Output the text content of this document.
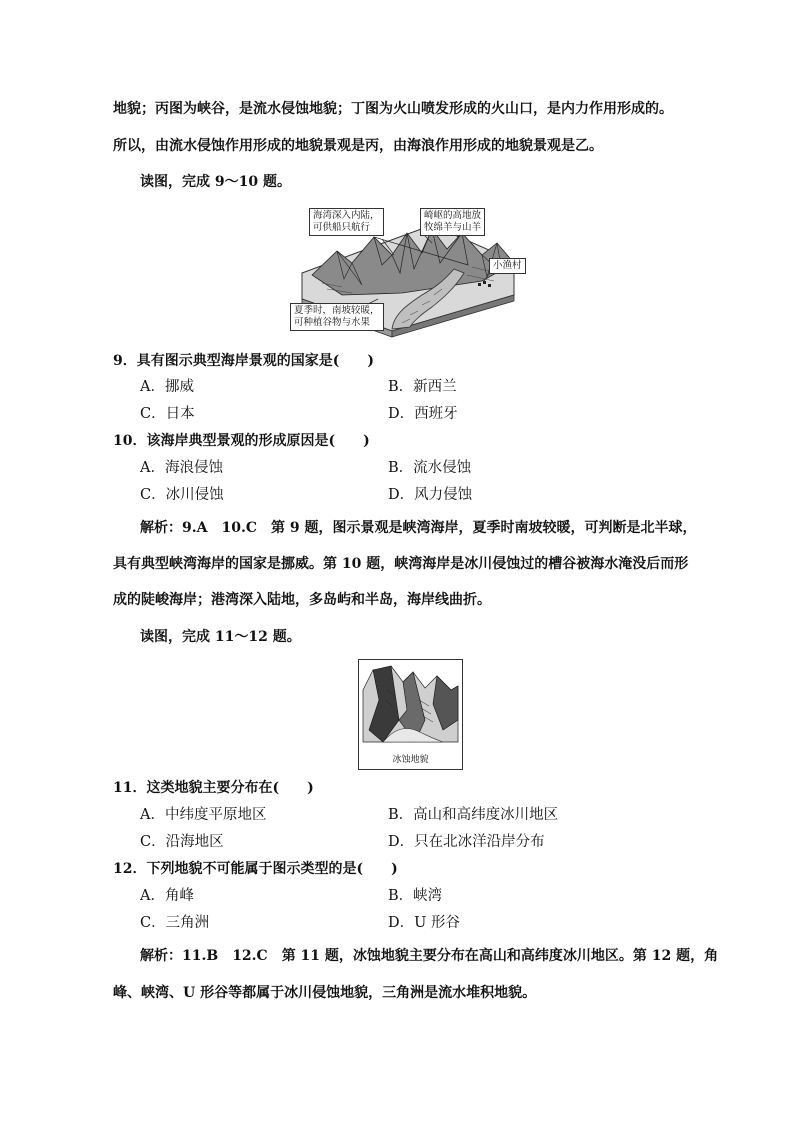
地貌；丙图为峡谷，是流水侵蚀地貌；丁图为火山喷发形成的火山口，是内力作用形成的。
所以，由流水侵蚀作用形成的地貌景观是丙，由海浪作用形成的地貌景观是乙。
读图，完成 9～10 题。
海湾深入内陆，
可供船只航行
崎岖的高地放
牧绵羊与山羊
小渔村
夏季时，南坡较暖，
可种植谷物与水果
9．具有图示典型海岸景观的国家是(　　)
A．挪威	B．新西兰
C．日本	D．西班牙
10．该海岸典型景观的形成原因是(　　)
A．海浪侵蚀	B．流水侵蚀
C．冰川侵蚀	D．风力侵蚀
解析：9.A　10.C　第 9 题，图示景观是峡湾海岸，夏季时南坡较暖，可判断是北半球，
具有典型峡湾海岸的国家是挪威。第 10 题，峡湾海岸是冰川侵蚀过的槽谷被海水淹没后而形
成的陡峻海岸；港湾深入陆地，多岛屿和半岛，海岸线曲折。
读图，完成 11～12 题。
冰蚀地貌
11．这类地貌主要分布在(　　)
A．中纬度平原地区	B．高山和高纬度冰川地区
C．沿海地区	D．只在北冰洋沿岸分布
12．下列地貌不可能属于图示类型的是(　　)
A．角峰	B．峡湾
C．三角洲	D．U 形谷
解析：11.B　12.C　第 11 题，冰蚀地貌主要分布在高山和高纬度冰川地区。第 12 题，角
峰、峡湾、U 形谷等都属于冰川侵蚀地貌，三角洲是流水堆积地貌。
